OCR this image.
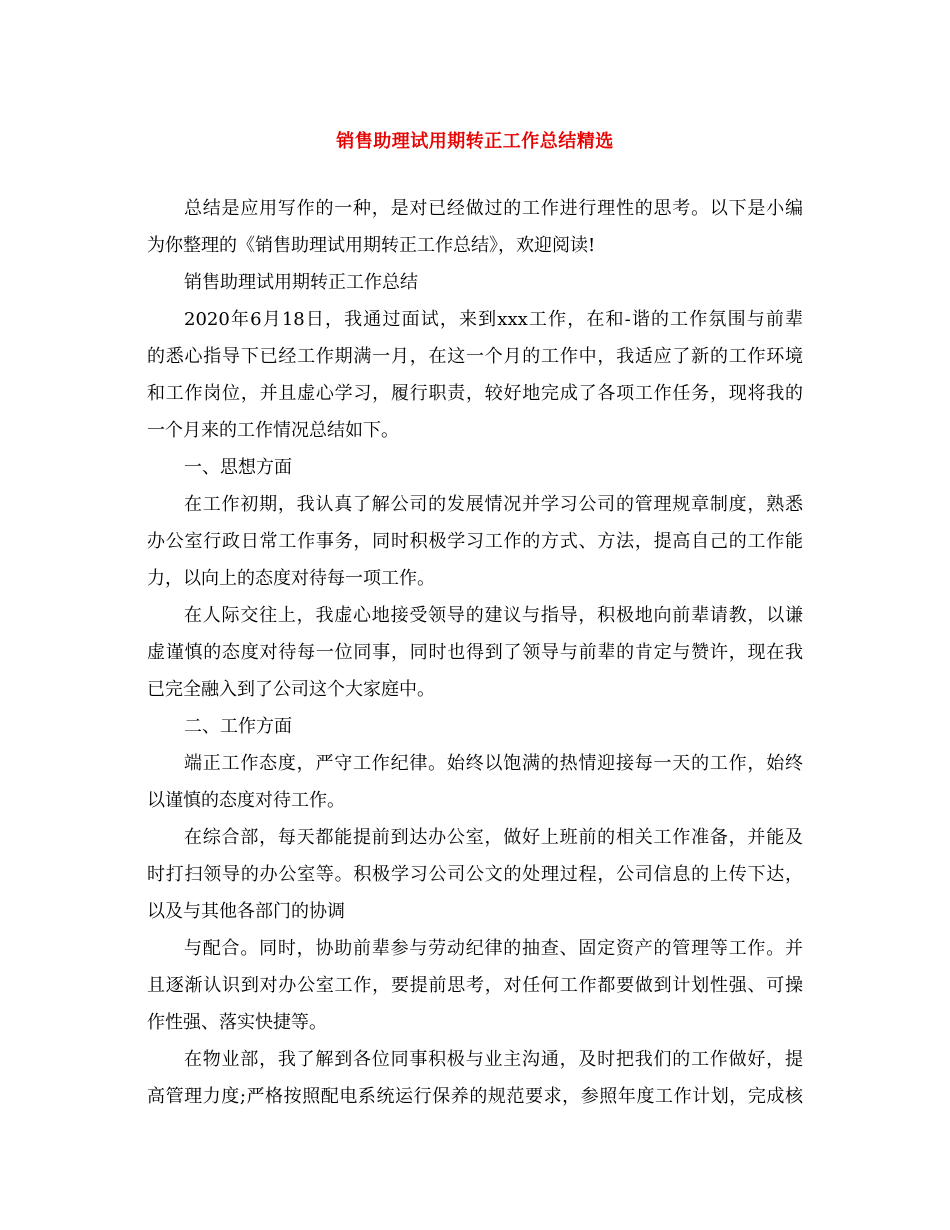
销售助理试用期转正工作总结精选
总结是应用写作的一种，是对已经做过的工作进行理性的思考。以下是小编
为你整理的《销售助理试用期转正工作总结》，欢迎阅读!
销售助理试用期转正工作总结
2020年6月18日，我通过面试，来到xxx工作，在和-谐的工作氛围与前辈
的悉心指导下已经工作期满一月，在这一个月的工作中，我适应了新的工作环境
和工作岗位，并且虚心学习，履行职责，较好地完成了各项工作任务，现将我的
一个月来的工作情况总结如下。
一、思想方面
在工作初期，我认真了解公司的发展情况并学习公司的管理规章制度，熟悉
办公室行政日常工作事务，同时积极学习工作的方式、方法，提高自己的工作能
力，以向上的态度对待每一项工作。
在人际交往上，我虚心地接受领导的建议与指导，积极地向前辈请教，以谦
虚谨慎的态度对待每一位同事，同时也得到了领导与前辈的肯定与赞许，现在我
已完全融入到了公司这个大家庭中。
二、工作方面
端正工作态度，严守工作纪律。始终以饱满的热情迎接每一天的工作，始终
以谨慎的态度对待工作。
在综合部，每天都能提前到达办公室，做好上班前的相关工作准备，并能及
时打扫领导的办公室等。积极学习公司公文的处理过程，公司信息的上传下达，
以及与其他各部门的协调
与配合。同时，协助前辈参与劳动纪律的抽查、固定资产的管理等工作。并
且逐渐认识到对办公室工作，要提前思考，对任何工作都要做到计划性强、可操
作性强、落实快捷等。
在物业部，我了解到各位同事积极与业主沟通，及时把我们的工作做好，提
高管理力度;严格按照配电系统运行保养的规范要求，参照年度工作计划，完成核
